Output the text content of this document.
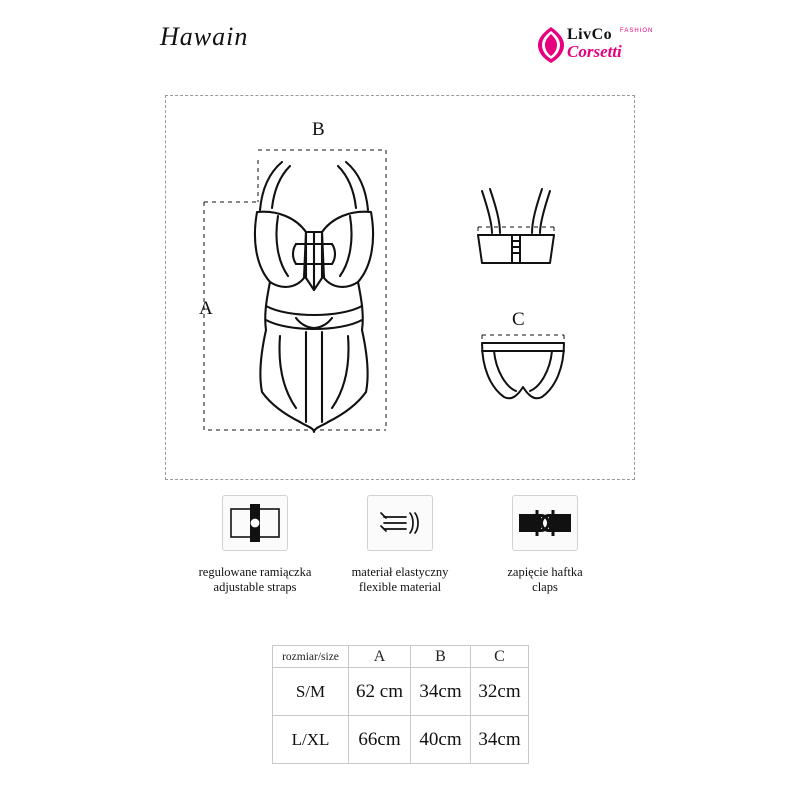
Hawain	LivCo FASHION
Corsetti
A
B
C
regulowane ramiączka
adjustable straps
materiał elastyczny
flexible material
zapięcie haftka
claps
rozmiar/size	A	B	C
S/M	62 cm	34cm	32cm
L/XL	66cm	40cm	34cm
